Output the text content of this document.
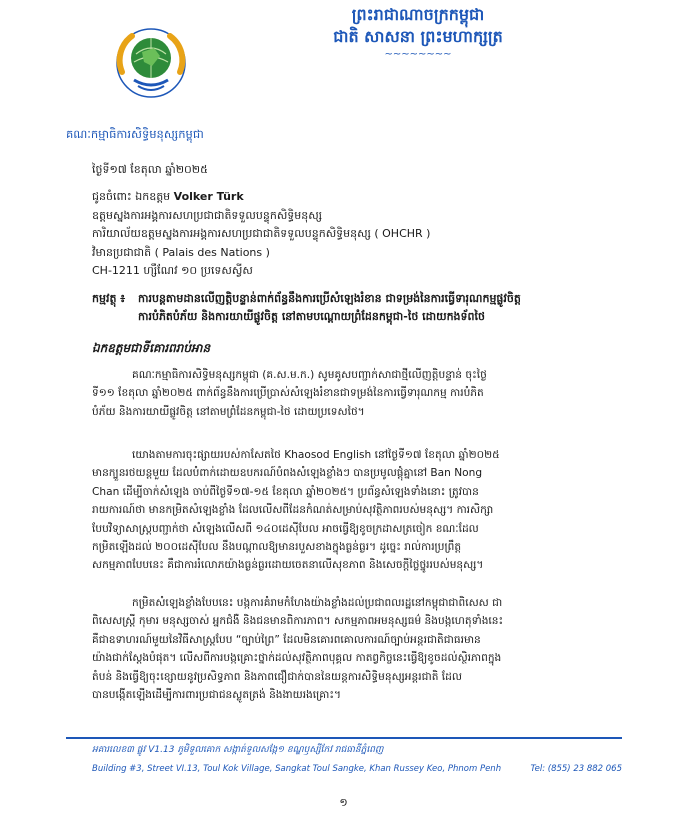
ព្រះរាជាណាចក្រកម្ពុជា
ជាតិ សាសនា ព្រះមហាក្សត្រ
~~~~~~~~
គណៈកម្មាធិការសិទ្ធិមនុស្សកម្ពុជា
ថ្ងៃទី១៧ ខែតុលា ឆ្នាំ២០២៥
ជូនចំពោះ ឯកឧត្តម Volker Türk
ឧត្តមស្នងការអង្គការសហប្រជាជាតិទទួលបន្ទុកសិទ្ធិមនុស្ស
ការិយាល័យឧត្តមស្នងការអង្គការសហប្រជាជាតិទទួលបន្ទុកសិទ្ធិមនុស្ស ( OHCHR )
វិមានប្រជាជាតិ ( Palais des Nations )
CH-1211 ហ្សឺណែវ ១០ ប្រទេសស្វីស
កម្មវត្ថុ ៖ ការបន្តតាមដានលើញត្តិបន្ទាន់ពាក់ព័ន្ធនឹងការប្រើសំឡេងរំខាន ជាទម្រង់នៃការធ្វើទារុណកម្មផ្លូវចិត្ត
ការបំភិតបំភ័យ និងការយាយីផ្លូវចិត្ត នៅតាមបណ្តោយព្រំដែនកម្ពុជា-ថៃ ដោយកងទ័ពថៃ
ឯកឧត្តមជាទីគោរពរាប់អាន
គណៈកម្មាធិការសិទ្ធិមនុស្សកម្ពុជា (គ.ស.ម.ក.) សូមគូសបញ្ជាក់សាជាថ្មីលើញត្តិបន្ទាន់ ចុះថ្ងៃ
ទី១១ ខែតុលា ឆ្នាំ២០២៥ ពាក់ព័ន្ធនឹងការប្រើប្រាស់សំឡេងរំខានជាទម្រង់នៃការធ្វើទារុណកម្ម ការបំភិត
បំភ័យ និងការយាយីផ្លូវចិត្ត នៅតាមព្រំដែនកម្ពុជា-ថៃ ដោយប្រទេសថៃ។
យោងតាមការចុះផ្សាយរបស់កាសែតថៃ Khaosod English នៅថ្ងៃទី១៧ ខែតុលា ឆ្នាំ២០២៥
មានក្បួនរថយន្តមួយ ដែលបំពាក់ដោយឧបករណ៍បំពងសំឡេងខ្លាំងៗ បានប្រមូលផ្តុំគ្នានៅ Ban Nong
Chan ដើម្បីចាក់សំឡេង ចាប់ពីថ្ងៃទី១៧-១៥ ខែតុលា ឆ្នាំ២០២៥។ ប្រព័ន្ធសំឡេងទាំងនោះ ត្រូវបាន
រាយការណ៍ថា មានកម្រិតសំឡេងខ្លាំង ដែលលើសពីដែនកំណត់សម្រាប់សុវត្ថិភាពរបស់មនុស្ស។ ការសិក្សា
បែបវិទ្យាសាស្ត្របញ្ជាក់ថា សំឡេងលើសពី ១៤០ដេស៊ីបែល អាចធ្វើឱ្យខូចក្រដាសត្រចៀក ខណៈដែល
កម្រិតឡើងដល់ ២០០ដេស៊ីបែល នឹងបណ្តាលឱ្យមានរបួសខាងក្នុងធ្ងន់ធ្ងរ។ ដូច្នេះ រាល់ការប្រព្រឹត្ត
សកម្មភាពបែបនេះ គឺជាការរំលោភយ៉ាងធ្ងន់ធ្ងរដោយចេតនាលើសុខភាព និងសេចក្តីថ្លៃថ្នូររបស់មនុស្ស។
កម្រិតសំឡេងខ្លាំងបែបនេះ បង្កការគំរាមកំហែងយ៉ាងខ្លាំងដល់ប្រជាពលរដ្ឋនៅកម្ពុជាជាពិសេស ជា
ពិសេសស្ត្រី កុមារ មនុស្សចាស់ អ្នកជំងឺ និងជនមានពិការភាព។ សកម្មភាពអមនុស្សធម៌ និងបង្កហេតុទាំងនេះ
គឺជាឧទាហរណ៍មួយនៃវិធីសាស្ត្របែប “ច្បាប់ព្រៃ” ដែលមិនគោរពគោលការណ៍ច្បាប់អន្តរជាតិជាធរមាន
យ៉ាងជាក់ស្តែងបំផុត។ លើសពីការបង្កគ្រោះថ្នាក់ដល់សុវត្ថិភាពបុគ្គល កាតព្វកិច្ចនេះធ្វើឱ្យខូចដល់ស្ថិរភាពក្នុង
តំបន់ និងធ្វើឱ្យចុះខ្សោយនូវប្រសិទ្ធភាព និងភាពជឿជាក់បាននៃយន្តការសិទ្ធិមនុស្សអន្តរជាតិ ដែល
បានបង្កើតឡើងដើម្បីការពារប្រជាជនស្លូតត្រង់ និងងាយរងគ្រោះ។
អគារលេខ៣ ផ្លូវ V1.13 ភូមិទួលគោក សង្កាត់ទួលសង្កែ១ ខណ្ឌឫស្សីកែវ រាជធានីភ្នំពេញ
Building #3, Street VI.13, Toul Kok Village, Sangkat Toul Sangke, Khan Russey Keo, Phnom Penh	Tel: (855) 23 882 065
១
